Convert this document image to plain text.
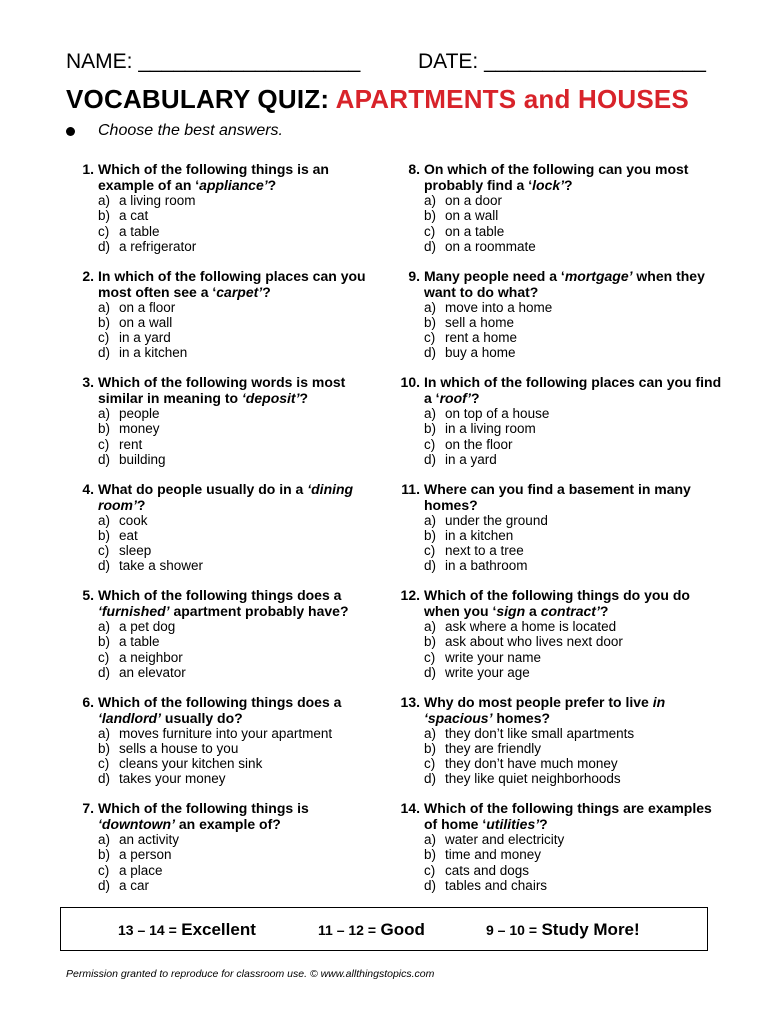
NAME: ___________________	DATE: ___________________
VOCABULARY QUIZ: APARTMENTS and HOUSES
Choose the best answers.
1. Which of the following things is an example of an ‘appliance’?
a) a living room
b) a cat
c) a table
d) a refrigerator
2. In which of the following places can you most often see a ‘carpet’?
a) on a floor
b) on a wall
c) in a yard
d) in a kitchen
3. Which of the following words is most similar in meaning to ‘deposit’?
a) people
b) money
c) rent
d) building
4. What do people usually do in a ‘dining room’?
a) cook
b) eat
c) sleep
d) take a shower
5. Which of the following things does a ‘furnished’ apartment probably have?
a) a pet dog
b) a table
c) a neighbor
d) an elevator
6. Which of the following things does a ‘landlord’ usually do?
a) moves furniture into your apartment
b) sells a house to you
c) cleans your kitchen sink
d) takes your money
7. Which of the following things is ‘downtown’ an example of?
a) an activity
b) a person
c) a place
d) a car
8. On which of the following can you most probably find a ‘lock’?
a) on a door
b) on a wall
c) on a table
d) on a roommate
9. Many people need a ‘mortgage’ when they want to do what?
a) move into a home
b) sell a home
c) rent a home
d) buy a home
10. In which of the following places can you find a ‘roof’?
a) on top of a house
b) in a living room
c) on the floor
d) in a yard
11. Where can you find a basement in many homes?
a) under the ground
b) in a kitchen
c) next to a tree
d) in a bathroom
12. Which of the following things do you do when you ‘sign a contract’?
a) ask where a home is located
b) ask about who lives next door
c) write your name
d) write your age
13. Why do most people prefer to live in ‘spacious’ homes?
a) they don’t like small apartments
b) they are friendly
c) they don’t have much money
d) they like quiet neighborhoods
14. Which of the following things are examples of home ‘utilities’?
a) water and electricity
b) time and money
c) cats and dogs
d) tables and chairs
13 – 14 = Excellent	11 – 12 = Good	9 – 10 = Study More!
Permission granted to reproduce for classroom use. © www.allthingstopics.com
